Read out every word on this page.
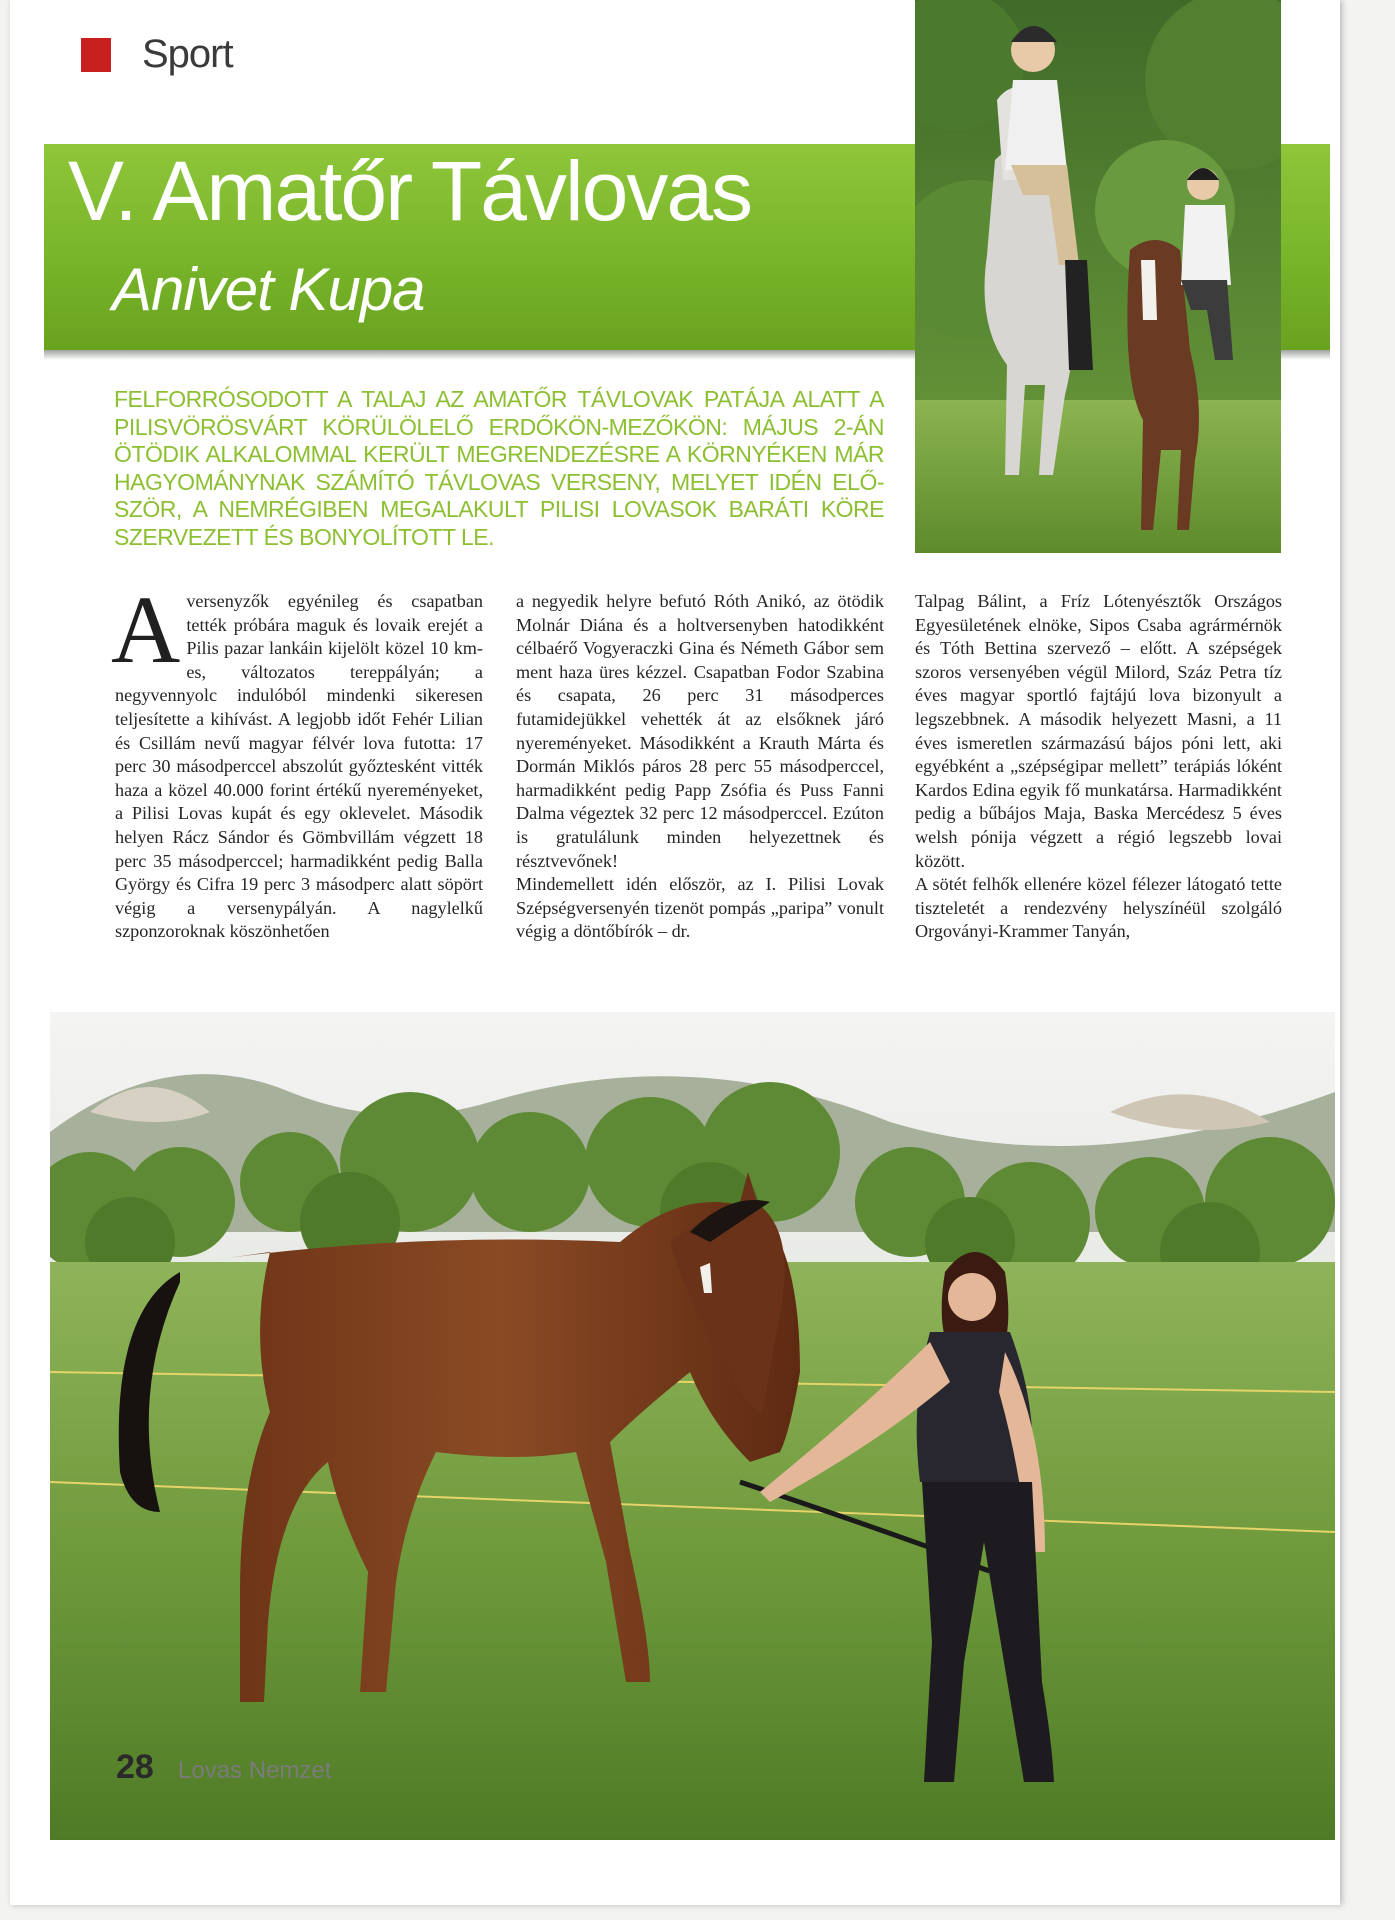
Sport
V. Amatőr Távlovas
Anivet Kupa
FELFORRÓSODOTT A TALAJ AZ AMATŐR TÁVLOVAK PATÁJA ALATT A PILISVÖRÖSVÁRT KÖRÜLÖLELŐ ERDŐKÖN-MEZŐKÖN: MÁJUS 2-ÁN ÖTÖDIK ALKALOMMAL KERÜLT MEGRENDEZÉSRE A KÖRNYÉKEN MÁR HAGYOMÁNYNAK SZÁMÍTÓ TÁVLOVAS VERSENY, MELYET IDÉN ELŐ-SZÖR, A NEMRÉGIBEN MEGALAKULT PILISI LOVASOK BARÁTI KÖRE SZERVEZETT ÉS BONYOLÍTOTT LE.
A versenyzők egyénileg és csapatban tették próbára maguk és lovaik erejét a Pilis pazar lankáin kijelölt közel 10 km-es, változatos tereppályán; a negyvennyolc indulóból mindenki sikeresen teljesítette a kihívást. A legjobb időt Fehér Lilian és Csillám nevű magyar félvér lova futotta: 17 perc 30 másodperccel abszolút győztesként vitték haza a közel 40.000 forint értékű nyereményeket, a Pilisi Lovas kupát és egy oklevelet. Második helyen Rácz Sándor és Gömbvillám végzett 18 perc 35 másodperccel; harmadikként pedig Balla György és Cifra 19 perc 3 másodperc alatt söpört végig a versenypályán. A nagylelkű szponzoroknak köszönhetően

a negyedik helyre befutó Róth Anikó, az ötödik Molnár Diána és a holtversenyben hatodikként célbaérő Vogyeraczki Gina és Németh Gábor sem ment haza üres kézzel. Csapatban Fodor Szabina és csapata, 26 perc 31 másodperces futamidejükkel vehették át az elsőknek járó nyereményeket. Másodikként a Krauth Márta és Dormán Miklós páros 28 perc 55 másodperccel, harmadikként pedig Papp Zsófia és Puss Fanni Dalma végeztek 32 perc 12 másodperccel. Ezúton is gratulálunk minden helyezettnek és résztvevőnek!

Mindemellett idén először, az I. Pilisi Lovak Szépségversenyén tizenöt pompás „paripa” vonult végig a döntőbírók – dr.

Talpag Bálint, a Fríz Lótenyésztők Országos Egyesületének elnöke, Sipos Csaba agrármérnök és Tóth Bettina szervező – előtt. A szépségek szoros versenyében végül Milord, Száz Petra tíz éves magyar sportló fajtájú lova bizonyult a legszebbnek. A második helyezett Masni, a 11 éves ismeretlen származású bájos póni lett, aki egyébként a „szépségipar mellett” terápiás lóként Kardos Edina egyik fő munkatársa. Harmadikként pedig a bűbájos Maja, Baska Mercédesz 5 éves welsh pónija végzett a régió legszebb lovai között.

A sötét felhők ellenére közel félezer látogató tette tiszteletét a rendezvény helyszínéül szolgáló Orgoványi-Krammer Tanyán,

28 Lovas Nemzet
